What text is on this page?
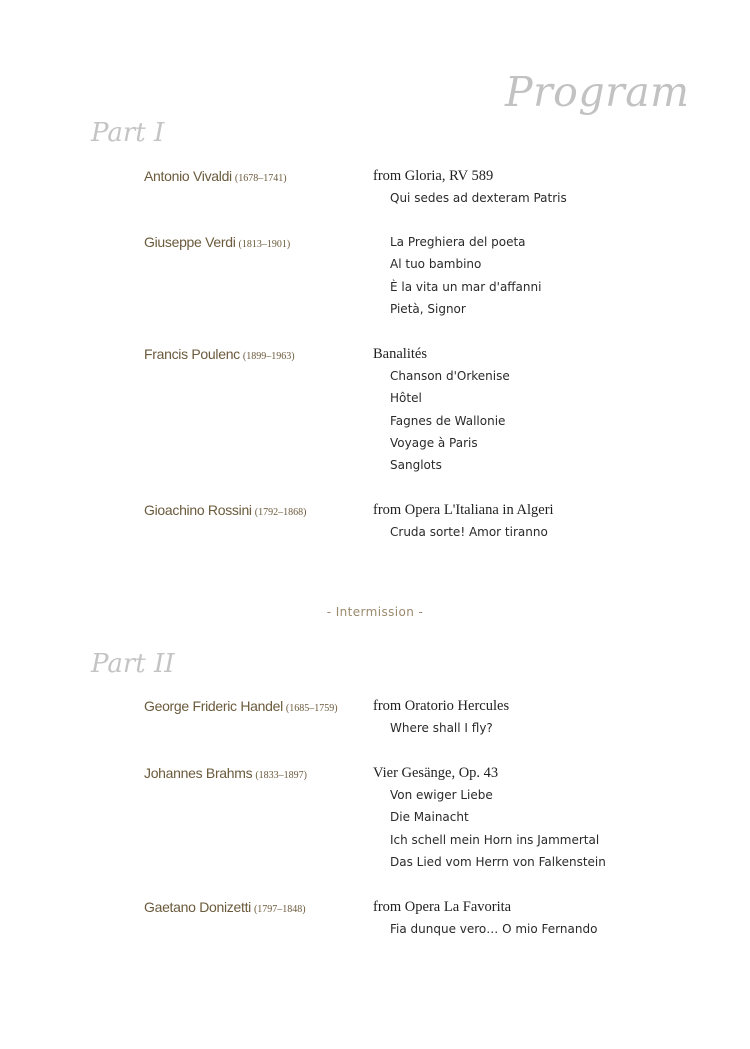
Program
Part I
Antonio Vivaldi (1678–1741)	from Gloria, RV 589
Qui sedes ad dexteram Patris
Giuseppe Verdi (1813–1901)	La Preghiera del poeta
Al tuo bambino
È la vita un mar d'affanni
Pietà, Signor
Francis Poulenc (1899–1963)	Banalités
Chanson d'Orkenise
Hôtel
Fagnes de Wallonie
Voyage à Paris
Sanglots
Gioachino Rossini (1792–1868)	from Opera L'Italiana in Algeri
Cruda sorte! Amor tiranno
- Intermission -
Part II
George Frideric Handel (1685–1759) from Oratorio Hercules
Where shall I fly?
Johannes Brahms (1833–1897)	Vier Gesänge, Op. 43
Von ewiger Liebe
Die Mainacht
Ich schell mein Horn ins Jammertal
Das Lied vom Herrn von Falkenstein
Gaetano Donizetti (1797–1848)	from Opera La Favorita
Fia dunque vero… O mio Fernando
